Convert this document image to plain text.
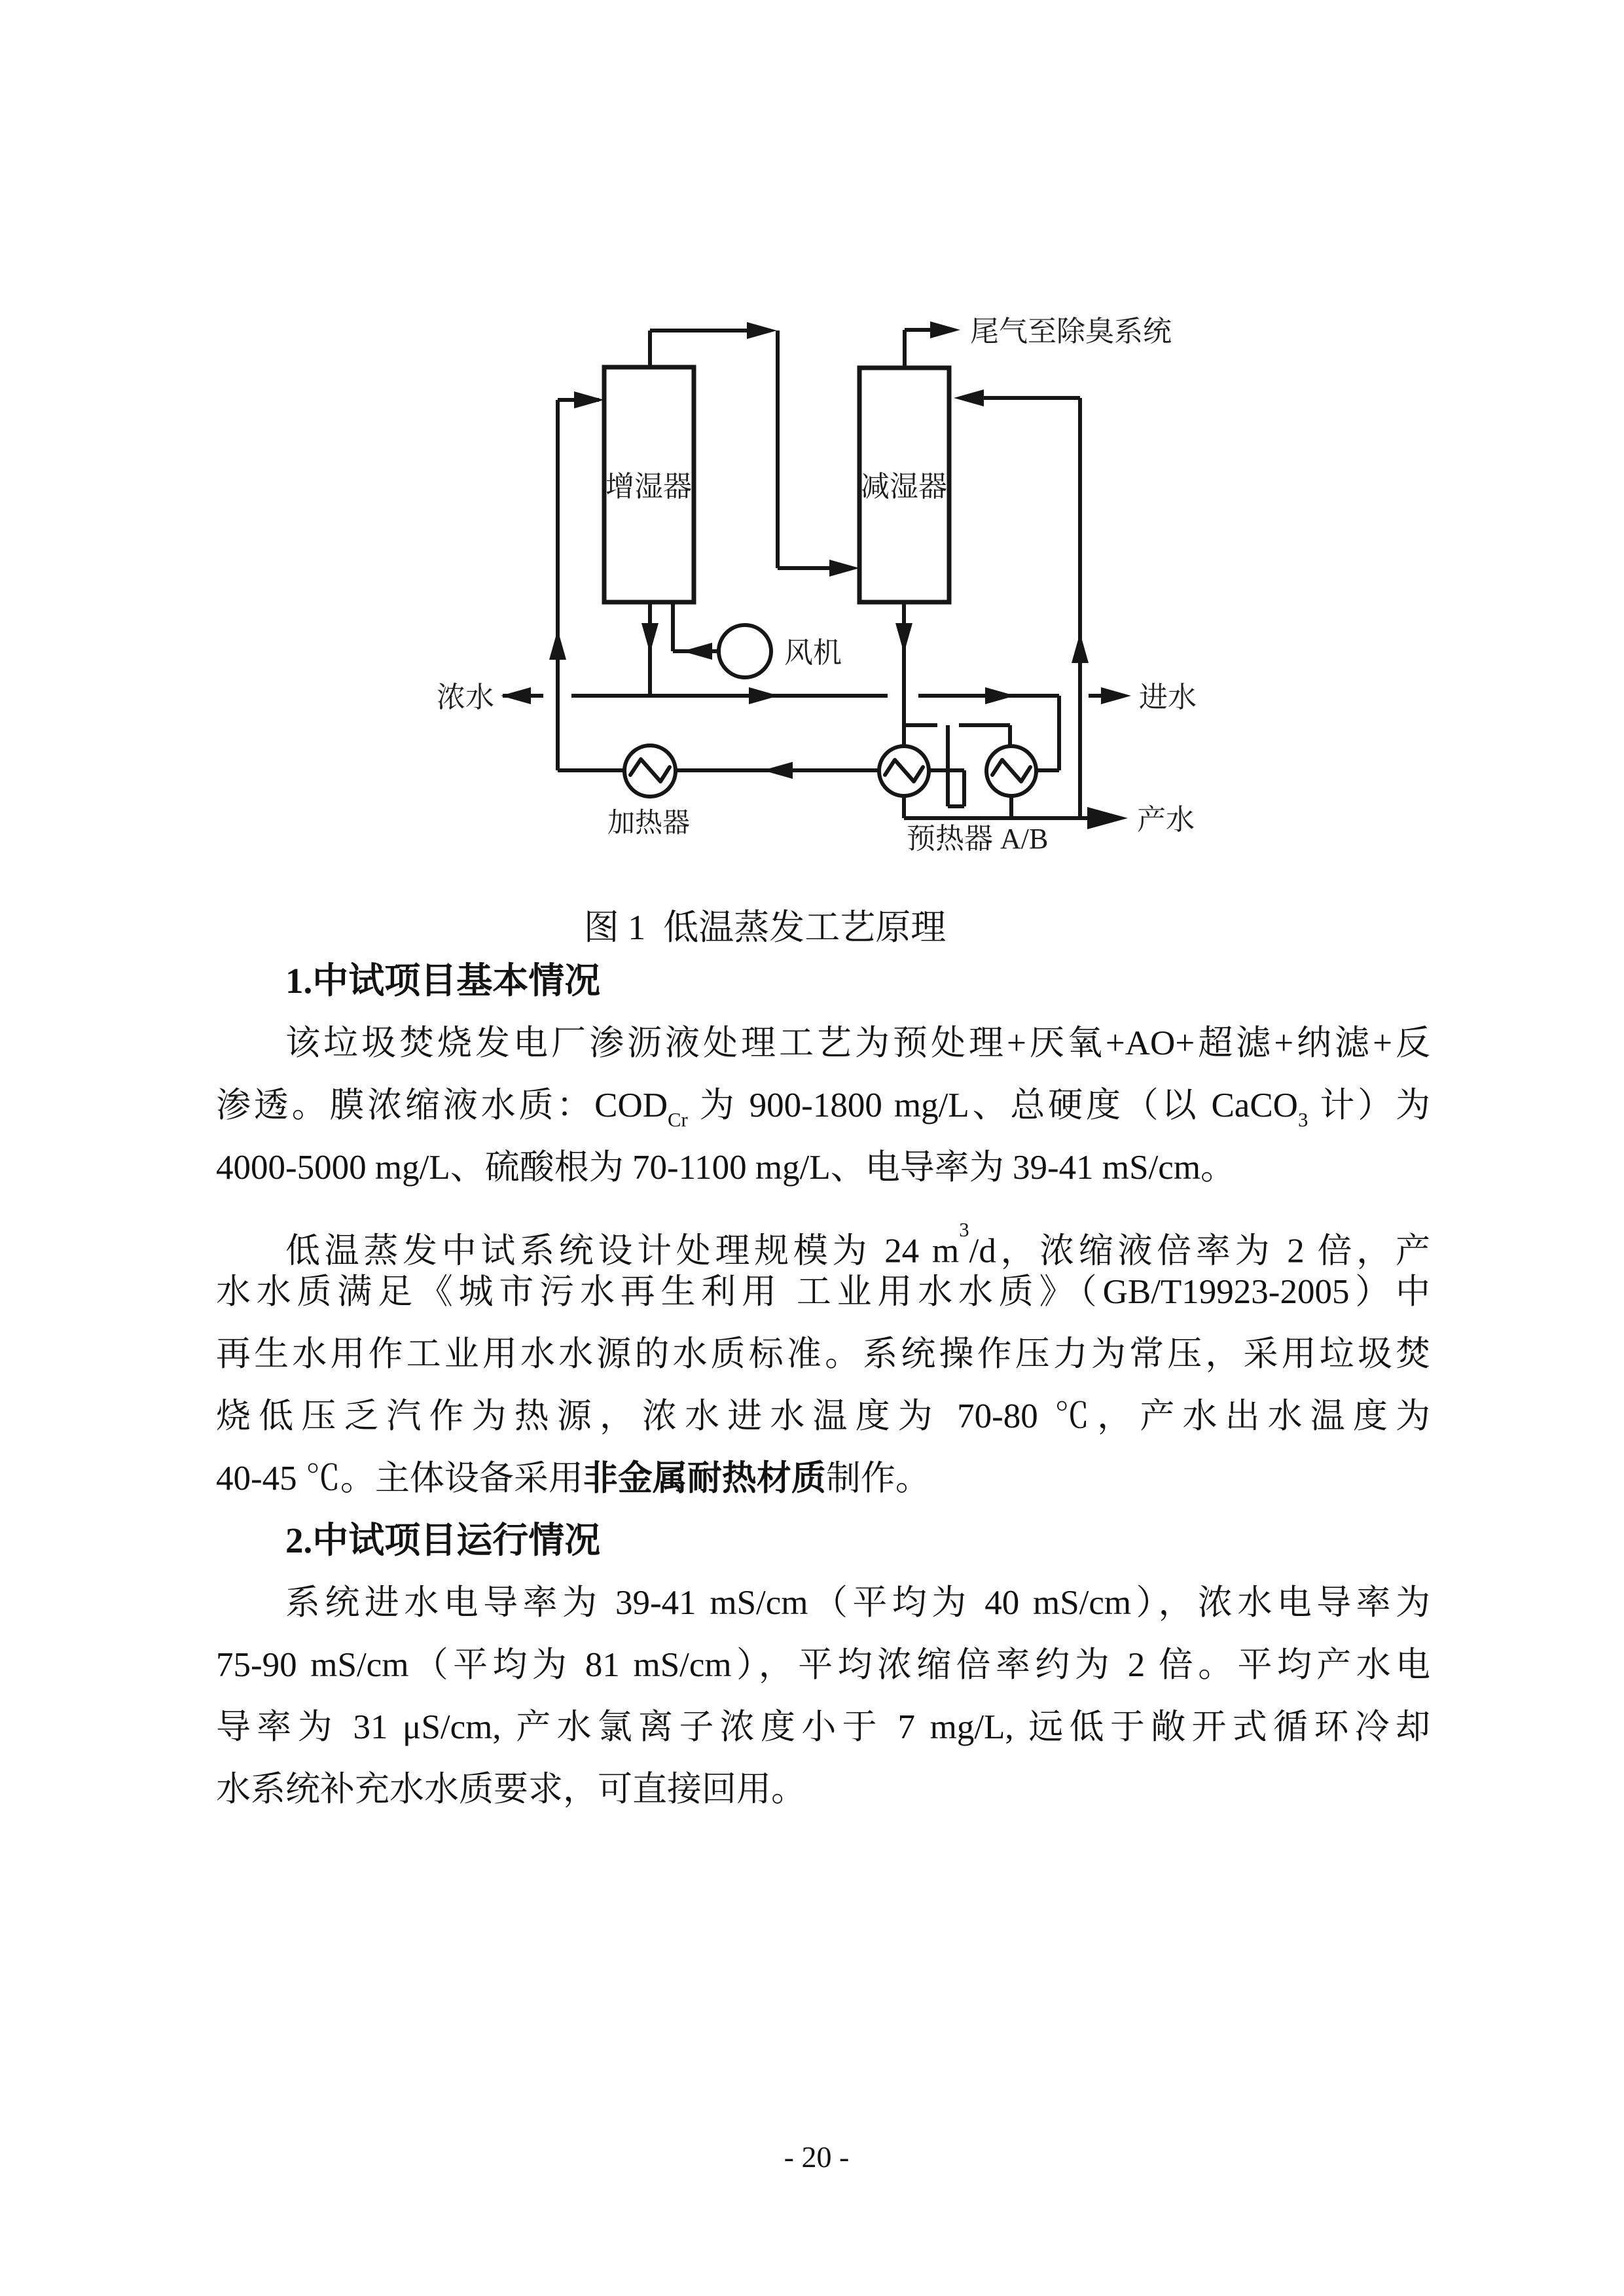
增湿器	减湿器
风机
加热器	预热器 A/B
尾气至除臭系统
浓水	进水
产水
图 1  低温蒸发工艺原理
1.中试项目基本情况
该垃圾焚烧发电厂渗沥液处理工艺为预处理+厌氧+AO+超滤+纳滤+反
渗透。膜浓缩液水质：$COD_{Cr}$ 为 900-1800 mg/L、总硬度（以 CaCO$_3$ 计）为
4000-5000 mg/L、硫酸根为 70-1100 mg/L、电导率为 39-41 mS/cm。
低温蒸发中试系统设计处理规模为 24 $m^3/d$，浓缩液倍率为 2 倍，产
水水质满足《城市污水再生利用 工业用水水质》（GB/T19923-2005）中
再生水用作工业用水水源的水质标准。系统操作压力为常压，采用垃圾焚
烧低压乏汽作为热源，浓水进水温度为 70-80 ℃，产水出水温度为
40-45 ℃。主体设备采用非金属耐热材质制作。
2.中试项目运行情况
系统进水电导率为 39-41 mS/cm（平均为 40 mS/cm），浓水电导率为
75-90 mS/cm（平均为 81 mS/cm），平均浓缩倍率约为 2 倍。平均产水电
导率为 31 μS/cm, 产水氯离子浓度小于 7 mg/L, 远低于敞开式循环冷却
水系统补充水水质要求，可直接回用。
- 20 -
